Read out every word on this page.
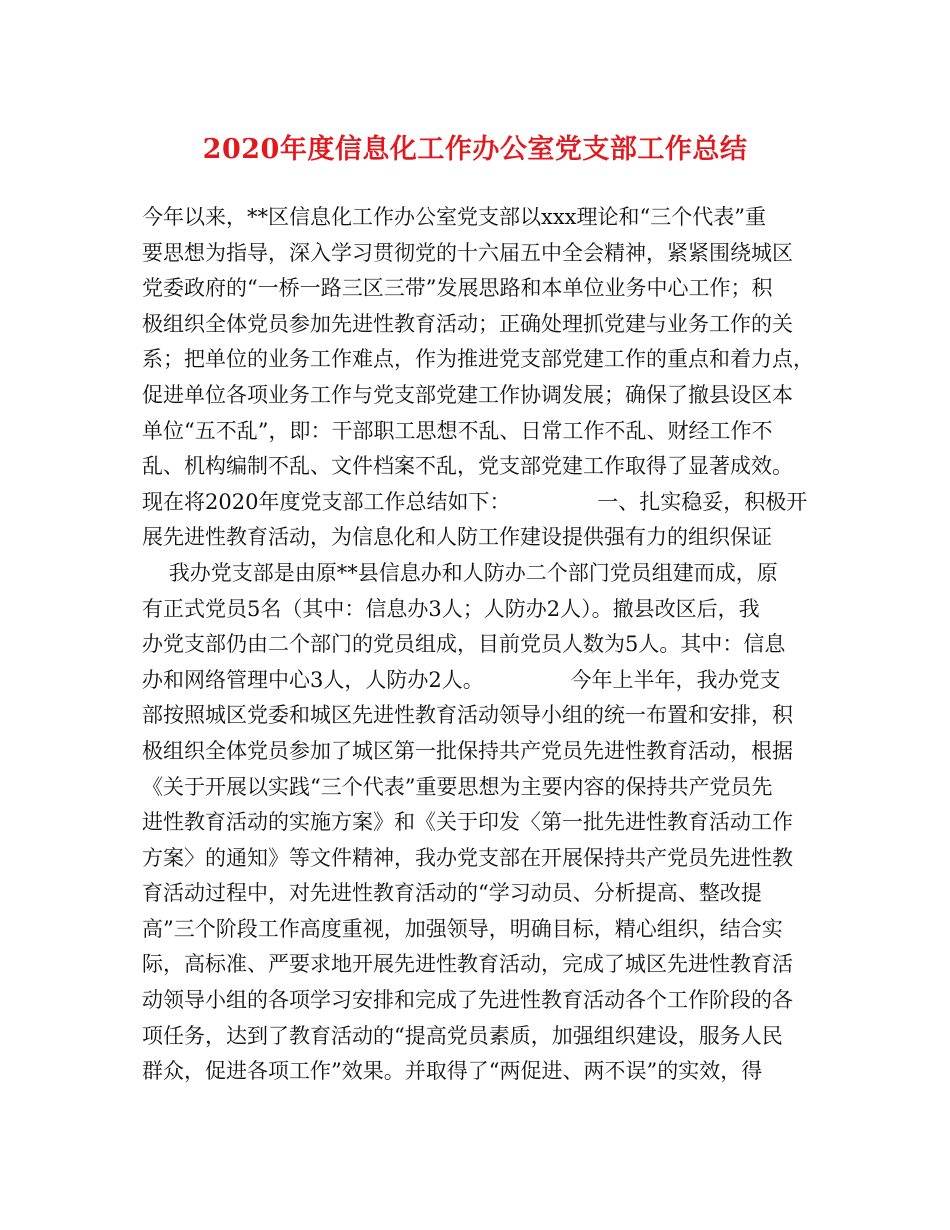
2020年度信息化工作办公室党支部工作总结
今年以来，**区信息化工作办公室党支部以xxx理论和“三个代表”重
要思想为指导，深入学习贯彻党的十六届五中全会精神，紧紧围绕城区
党委政府的“一桥一路三区三带”发展思路和本单位业务中心工作；积
极组织全体党员参加先进性教育活动；正确处理抓党建与业务工作的关
系；把单位的业务工作难点，作为推进党支部党建工作的重点和着力点，
促进单位各项业务工作与党支部党建工作协调发展；确保了撤县设区本
单位“五不乱”，即：干部职工思想不乱、日常工作不乱、财经工作不
乱、机构编制不乱、文件档案不乱，党支部党建工作取得了显著成效。
现在将2020年度党支部工作总结如下：             一、扎实稳妥，积极开
展先进性教育活动，为信息化和人防工作建设提供强有力的组织保证
我办党支部是由原**县信息办和人防办二个部门党员组建而成，原
有正式党员5名（其中：信息办3人；人防办2人）。撤县改区后，我
办党支部仍由二个部门的党员组成，目前党员人数为5人。其中：信息
办和网络管理中心3人，人防办2人。             今年上半年，我办党支
部按照城区党委和城区先进性教育活动领导小组的统一布置和安排，积
极组织全体党员参加了城区第一批保持共产党员先进性教育活动，根据
《关于开展以实践“三个代表”重要思想为主要内容的保持共产党员先
进性教育活动的实施方案》和《关于印发〈第一批先进性教育活动工作
方案〉的通知》等文件精神，我办党支部在开展保持共产党员先进性教
育活动过程中，对先进性教育活动的“学习动员、分析提高、整改提
高”三个阶段工作高度重视，加强领导，明确目标，精心组织，结合实
际，高标准、严要求地开展先进性教育活动，完成了城区先进性教育活
动领导小组的各项学习安排和完成了先进性教育活动各个工作阶段的各
项任务，达到了教育活动的“提高党员素质，加强组织建设，服务人民
群众，促进各项工作”效果。并取得了“两促进、两不误”的实效，得
